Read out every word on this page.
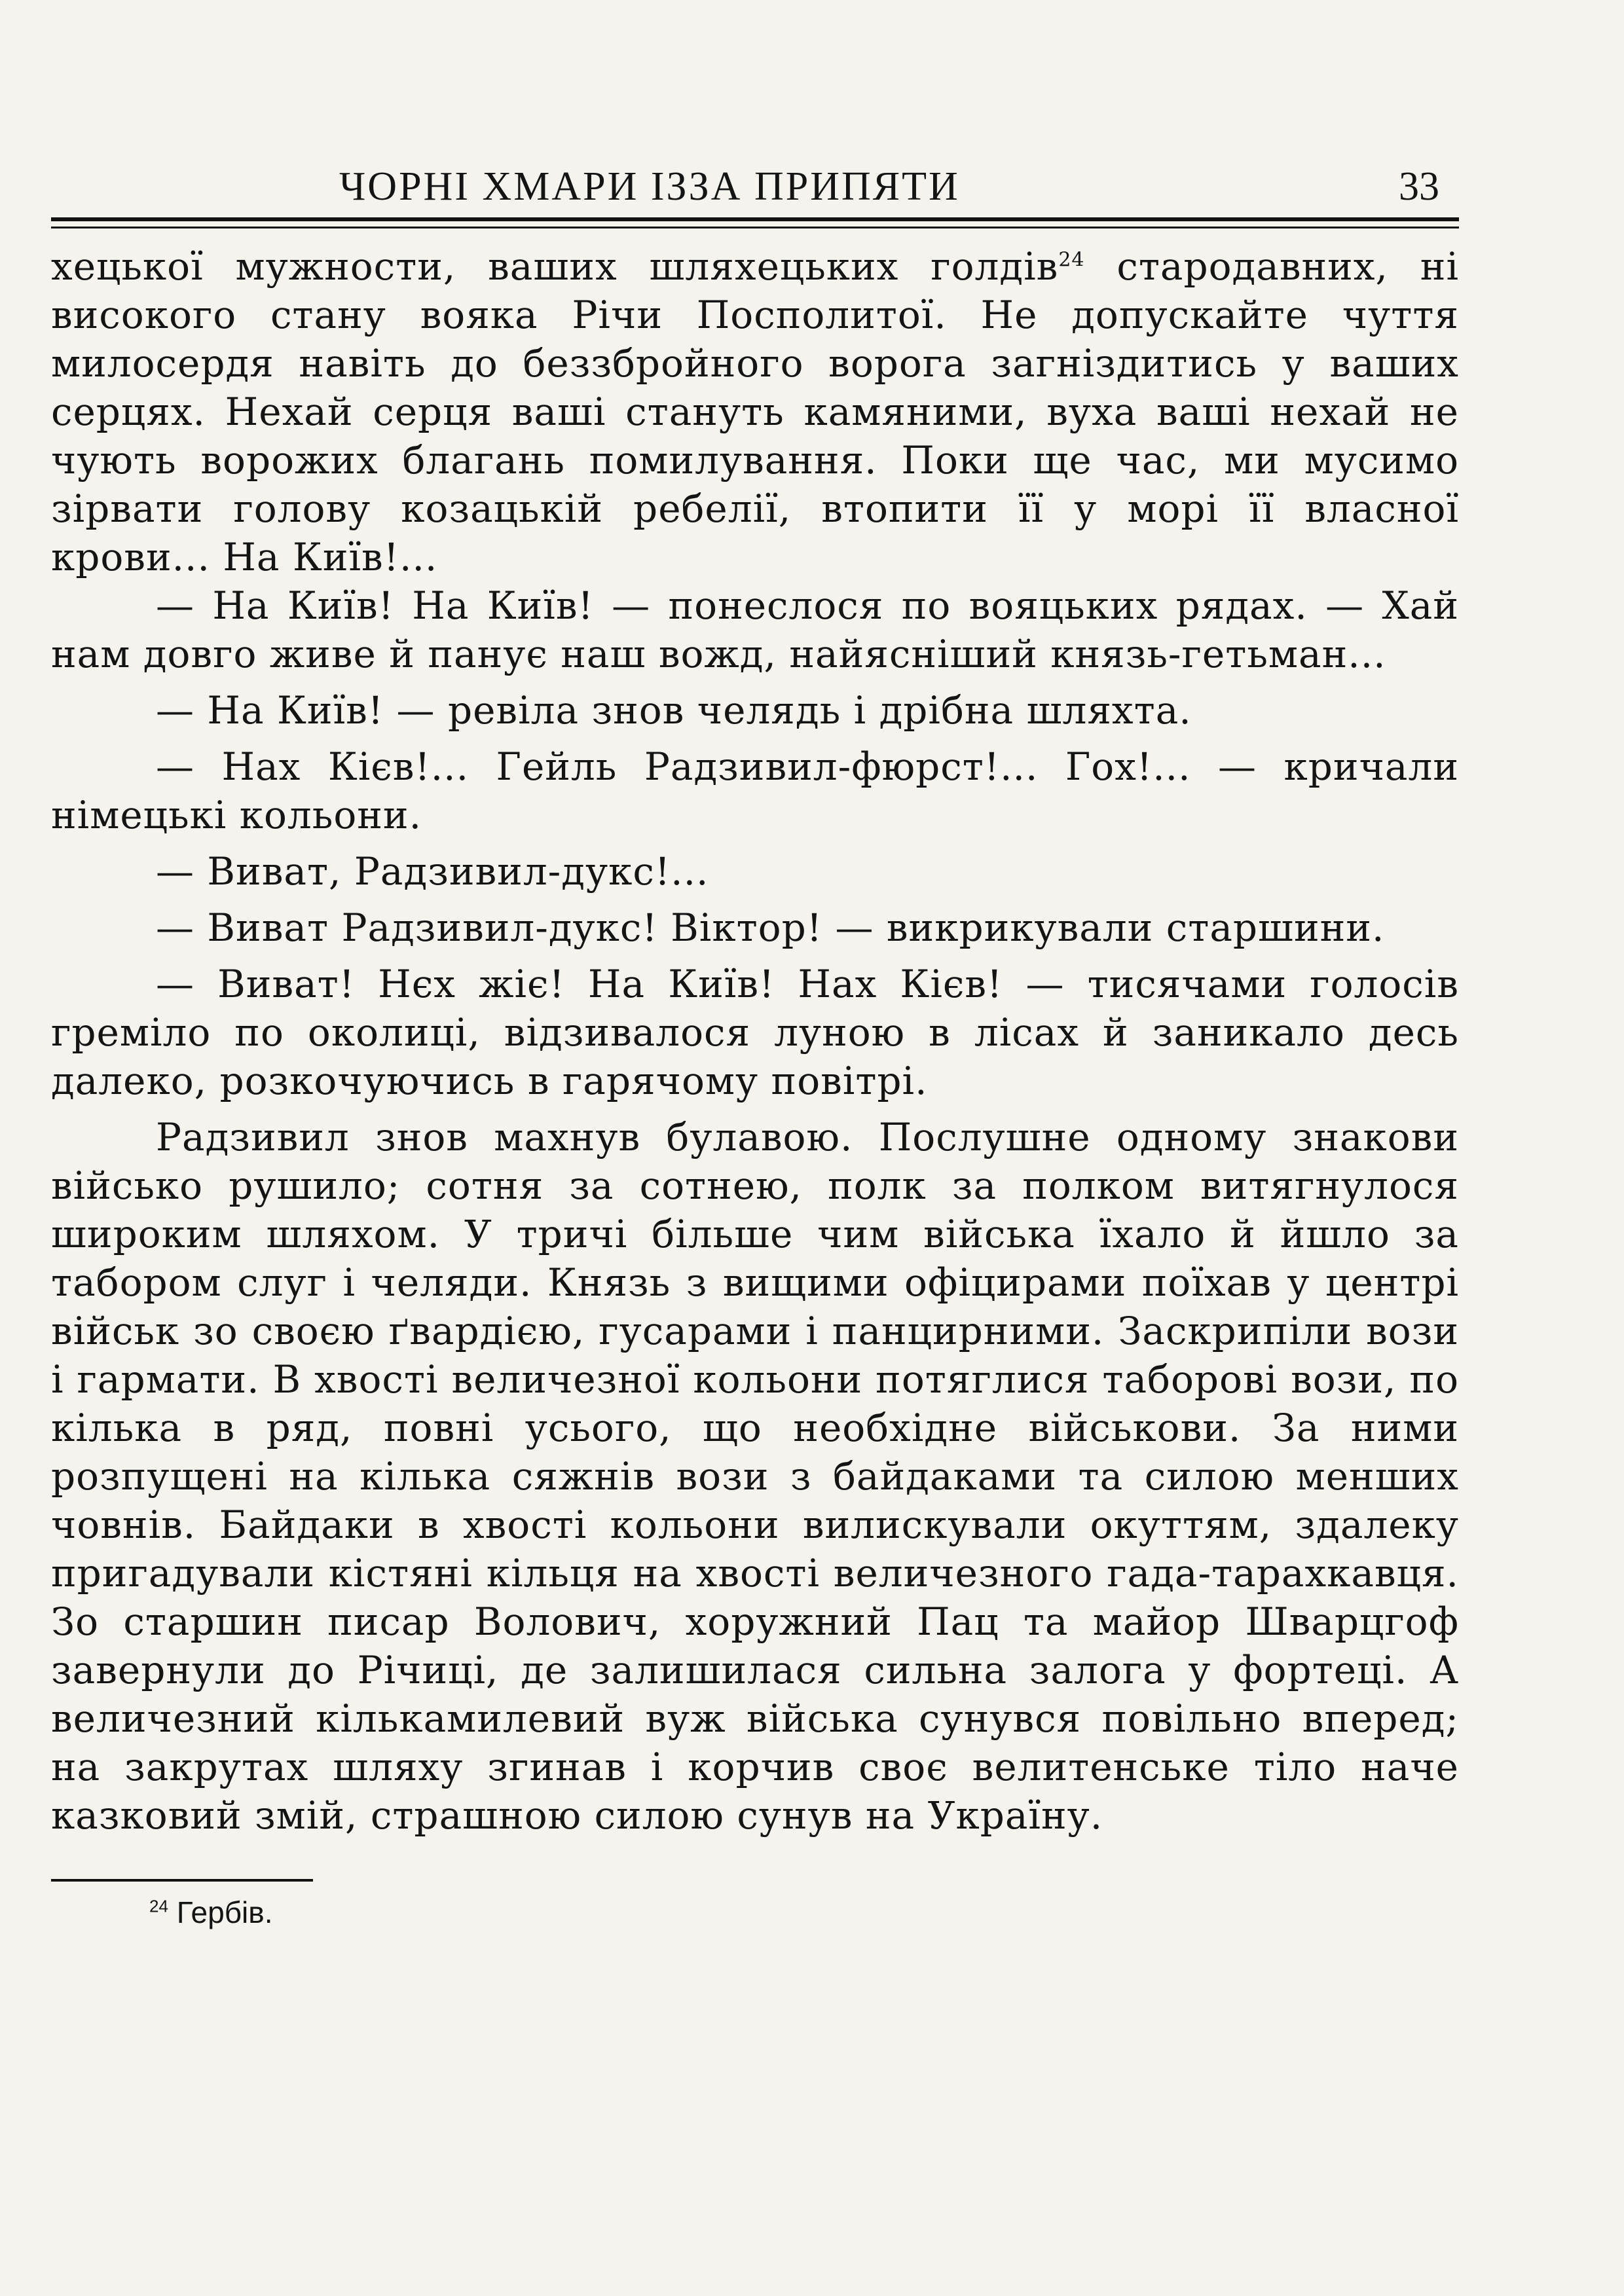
ЧОРНІ ХМАРИ ІЗЗА ПРИПЯТИ	33

хецької мужности, ваших шляхецьких голдів$^{24}$ стародавних, ні високого стану вояка Річи Посполитої. Не допускайте чуття милосердя навіть до беззбройного ворога загніздитись у ваших серцях. Нехай серця ваші стануть камяними, вуха ваші нехай не чують ворожих благань помилування. Поки ще час, ми мусимо зірвати голову козацькій ребелії, втопити її у морі її власної крови... На Київ!...

— На Київ! На Київ! — понеслося по вояцьких рядах. — Хай нам довго живе й панує наш вожд, найясніший князь-гетьман...

— На Київ! — ревіла знов челядь і дрібна шляхта.

— Нах Кієв!... Гейль Радзивил-фюрст!... Гох!... — кричали німецькі кольони.

— Виват, Радзивил-дукс!...

— Виват Радзивил-дукс! Віктор! — викрикували старшини.

— Виват! Нєх жіє! На Київ! Нах Кієв! — тисячами голосів греміло по околиці, відзивалося луною в лісах й заникало десь далеко, розкочуючись в гарячому повітрі.

Радзивил знов махнув булавою. Послушне одному знакови військо рушило; сотня за сотнею, полк за полком витягнулося широким шляхом. У тричі більше чим війська їхало й йшло за табором слуг і челяди. Князь з вищими офіцирами поїхав у центрі військ зо своєю ґвардією, гусарами і панцирними. Заскрипіли вози і гармати. В хвості величезної кольони потяглися таборові вози, по кілька в ряд, повні усього, що необхідне військови. За ними розпущені на кілька сяжнів вози з байдаками та силою менших човнів. Байдаки в хвості кольони вилискували окуттям, здалеку пригадували кістяні кільця на хвості величезного гада-тарахкавця. Зо старшин писар Волович, хоружний Пац та майор Шварцгоф завернули до Річиці, де залишилася сильна залога у фортеці. А величезний кількамилевий вуж війська сунувся повільно вперед; на закрутах шляху згинав і корчив своє велитенське тіло наче казковий змій, страшною силою сунув на Україну.

$^{24}$ Гербів.
